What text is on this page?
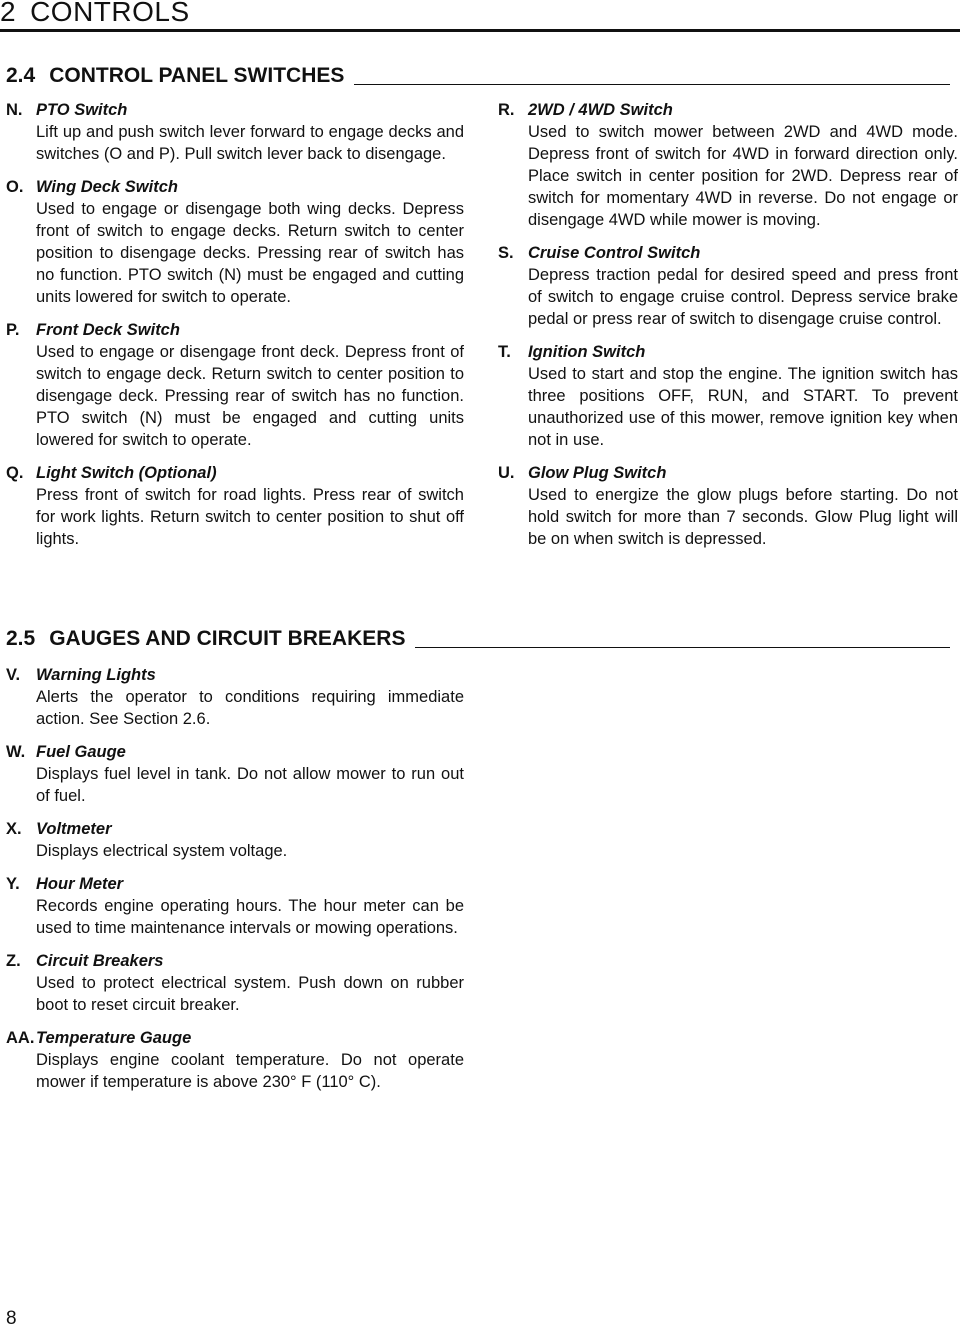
2 CONTROLS
2.4 CONTROL PANEL SWITCHES
N. PTO Switch
Lift up and push switch lever forward to engage decks and switches (O and P). Pull switch lever back to disengage.
O. Wing Deck Switch
Used to engage or disengage both wing decks. Depress front of switch to engage decks. Return switch to center position to disengage decks. Pressing rear of switch has no function. PTO switch (N) must be engaged and cutting units lowered for switch to operate.
P. Front Deck Switch
Used to engage or disengage front deck. Depress front of switch to engage deck. Return switch to center position to disengage deck. Pressing rear of switch has no function. PTO switch (N) must be engaged and cutting units lowered for switch to operate.
Q. Light Switch (Optional)
Press front of switch for road lights. Press rear of switch for work lights. Return switch to center position to shut off lights.
R. 2WD / 4WD Switch
Used to switch mower between 2WD and 4WD mode. Depress front of switch for 4WD in forward direction only. Place switch in center position for 2WD. Depress rear of switch for momentary 4WD in reverse. Do not engage or disengage 4WD while mower is moving.
S. Cruise Control Switch
Depress traction pedal for desired speed and press front of switch to engage cruise control. Depress service brake pedal or press rear of switch to disengage cruise control.
T. Ignition Switch
Used to start and stop the engine. The ignition switch has three positions OFF, RUN, and START. To prevent unauthorized use of this mower, remove ignition key when not in use.
U. Glow Plug Switch
Used to energize the glow plugs before starting. Do not hold switch for more than 7 seconds. Glow Plug light will be on when switch is depressed.
2.5 GAUGES AND CIRCUIT BREAKERS
V. Warning Lights
Alerts the operator to conditions requiring immediate action. See Section 2.6.
W. Fuel Gauge
Displays fuel level in tank. Do not allow mower to run out of fuel.
X. Voltmeter
Displays electrical system voltage.
Y. Hour Meter
Records engine operating hours. The hour meter can be used to time maintenance intervals or mowing operations.
Z. Circuit Breakers
Used to protect electrical system. Push down on rubber boot to reset circuit breaker.
AA. Temperature Gauge
Displays engine coolant temperature. Do not operate mower if temperature is above 230° F (110° C).
8
